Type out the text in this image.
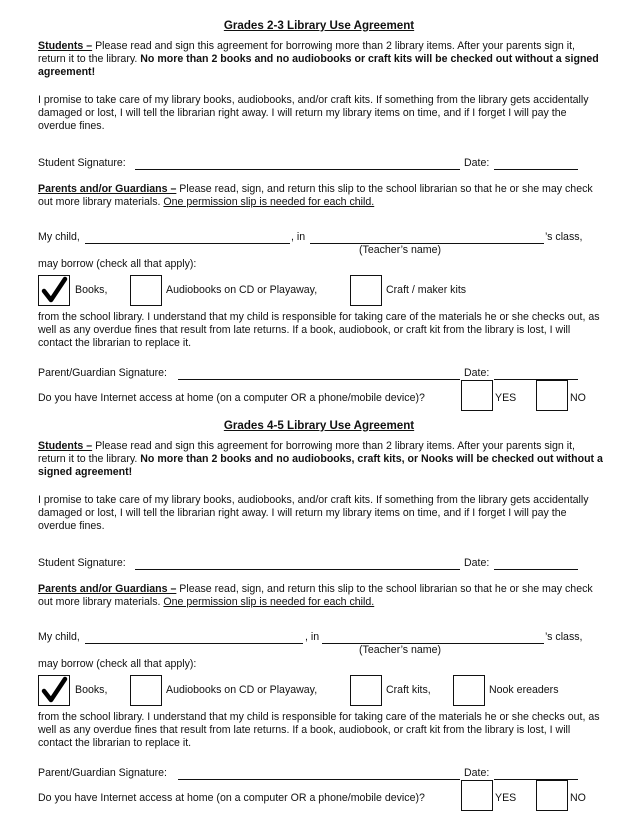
Grades 2-3 Library Use Agreement
Students – Please read and sign this agreement for borrowing more than 2 library items. After your parents sign it, return it to the library. No more than 2 books and no audiobooks or craft kits will be checked out without a signed agreement!
I promise to take care of my library books, audiobooks, and/or craft kits. If something from the library gets accidentally damaged or lost, I will tell the librarian right away. I will return my library items on time, and if I forget I will pay the overdue fines.
Student Signature:	Date:
Parents and/or Guardians – Please read, sign, and return this slip to the school librarian so that he or she may check out more library materials. One permission slip is needed for each child.
My child,	, in	’s class,
(Teacher’s name)
may borrow (check all that apply):
Books,	Audiobooks on CD or Playaway,	Craft / maker kits
from the school library. I understand that my child is responsible for taking care of the materials he or she checks out, as well as any overdue fines that result from late returns. If a book, audiobook, or craft kit from the library is lost, I will contact the librarian to replace it.
Parent/Guardian Signature:	Date:
Do you have Internet access at home (on a computer OR a phone/mobile device)?	YES	NO
Grades 4-5 Library Use Agreement
Students – Please read and sign this agreement for borrowing more than 2 library items. After your parents sign it, return it to the library. No more than 2 books and no audiobooks, craft kits, or Nooks will be checked out without a signed agreement!
I promise to take care of my library books, audiobooks, and/or craft kits. If something from the library gets accidentally damaged or lost, I will tell the librarian right away. I will return my library items on time, and if I forget I will pay the overdue fines.
Student Signature:	Date:
Parents and/or Guardians – Please read, sign, and return this slip to the school librarian so that he or she may check out more library materials. One permission slip is needed for each child.
My child,	, in	’s class,
(Teacher’s name)
may borrow (check all that apply):
Books,	Audiobooks on CD or Playaway,	Craft kits,	Nook ereaders
from the school library. I understand that my child is responsible for taking care of the materials he or she checks out, as well as any overdue fines that result from late returns. If a book, audiobook, or craft kit from the library is lost, I will contact the librarian to replace it.
Parent/Guardian Signature:	Date:
Do you have Internet access at home (on a computer OR a phone/mobile device)?	YES	NO
